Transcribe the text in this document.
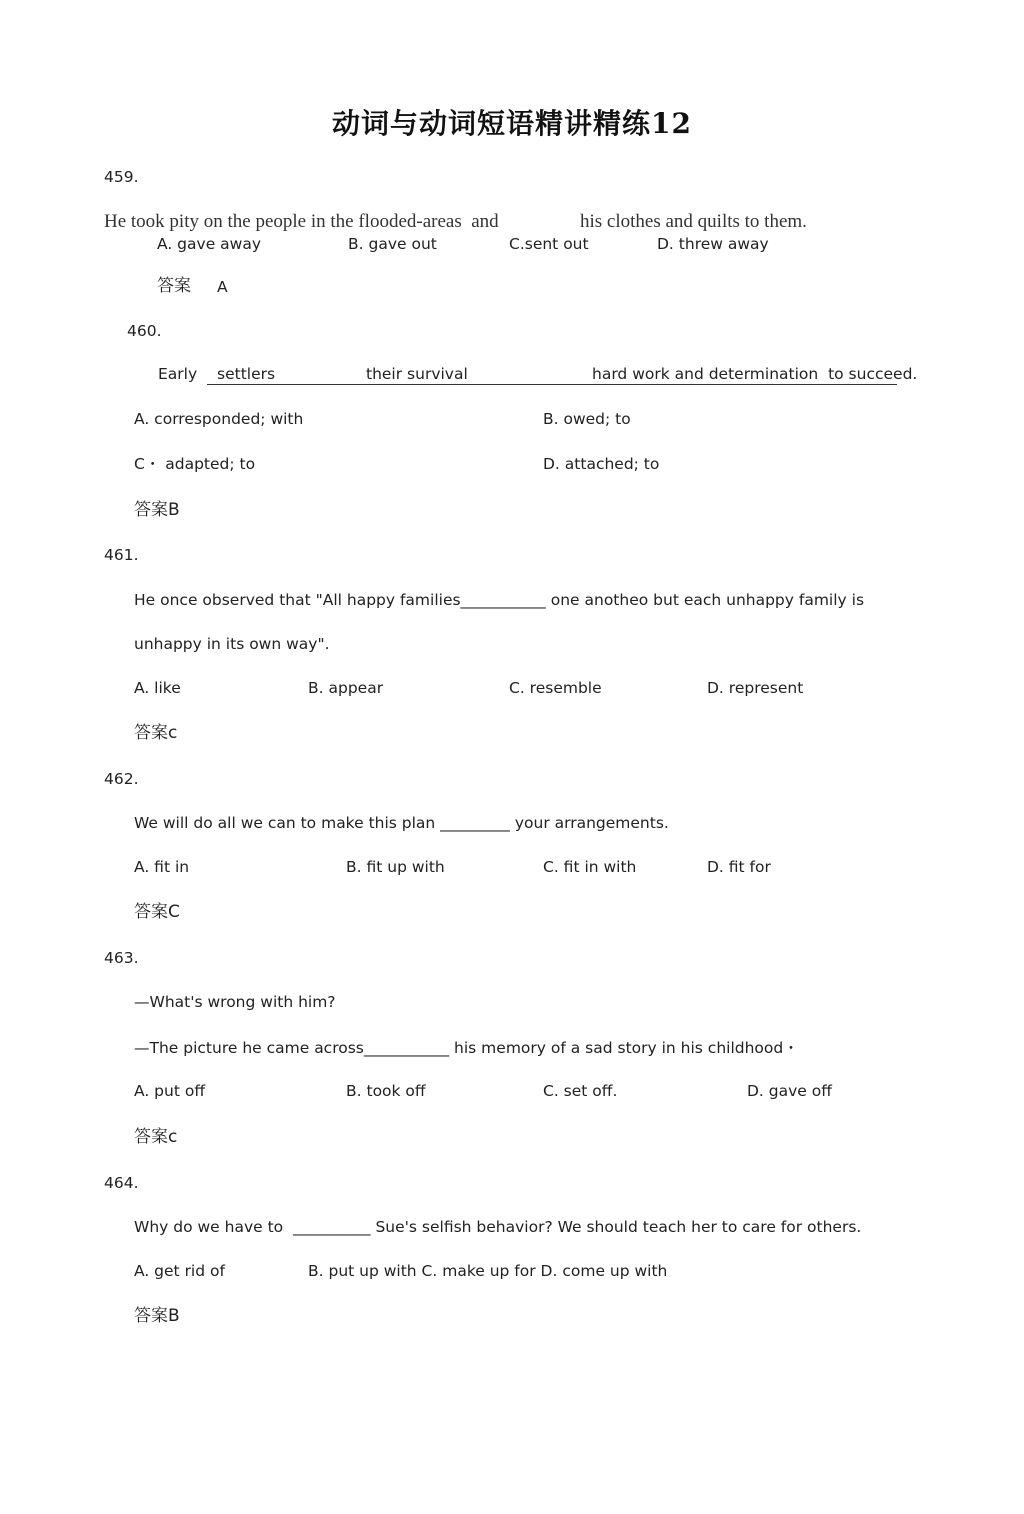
动词与动词短语精讲精练12
459.
He took pity on the people in the flooded-areas  and	his clothes and quilts to them.
A. gave away	B. gave out	C.sent out	D. threw away
答案 A
460.
Early settlers	their survival	hard work and determination  to succeed.
A. corresponded; with	B. owed; to
C・ adapted; to	D. attached; to
答案B
461.
He once observed that "All happy families___________ one anotheo but each unhappy family is
unhappy in its own way".
A. like	B. appear	C. resemble	D. represent
答案c
462.
We will do all we can to make this plan _________ your arrangements.
A. fit in	B. fit up with	C. fit in with	D. fit for
答案C
463.
—What's wrong with him?
—The picture he came across___________ his memory of a sad story in his childhood・
A. put off	B. took off	C. set off.	D. gave off
答案c
464.
Why do we have to  __________ Sue's selfish behavior? We should teach her to care for others.
A. get rid of	B. put up with C. make up for D. come up with
答案B
